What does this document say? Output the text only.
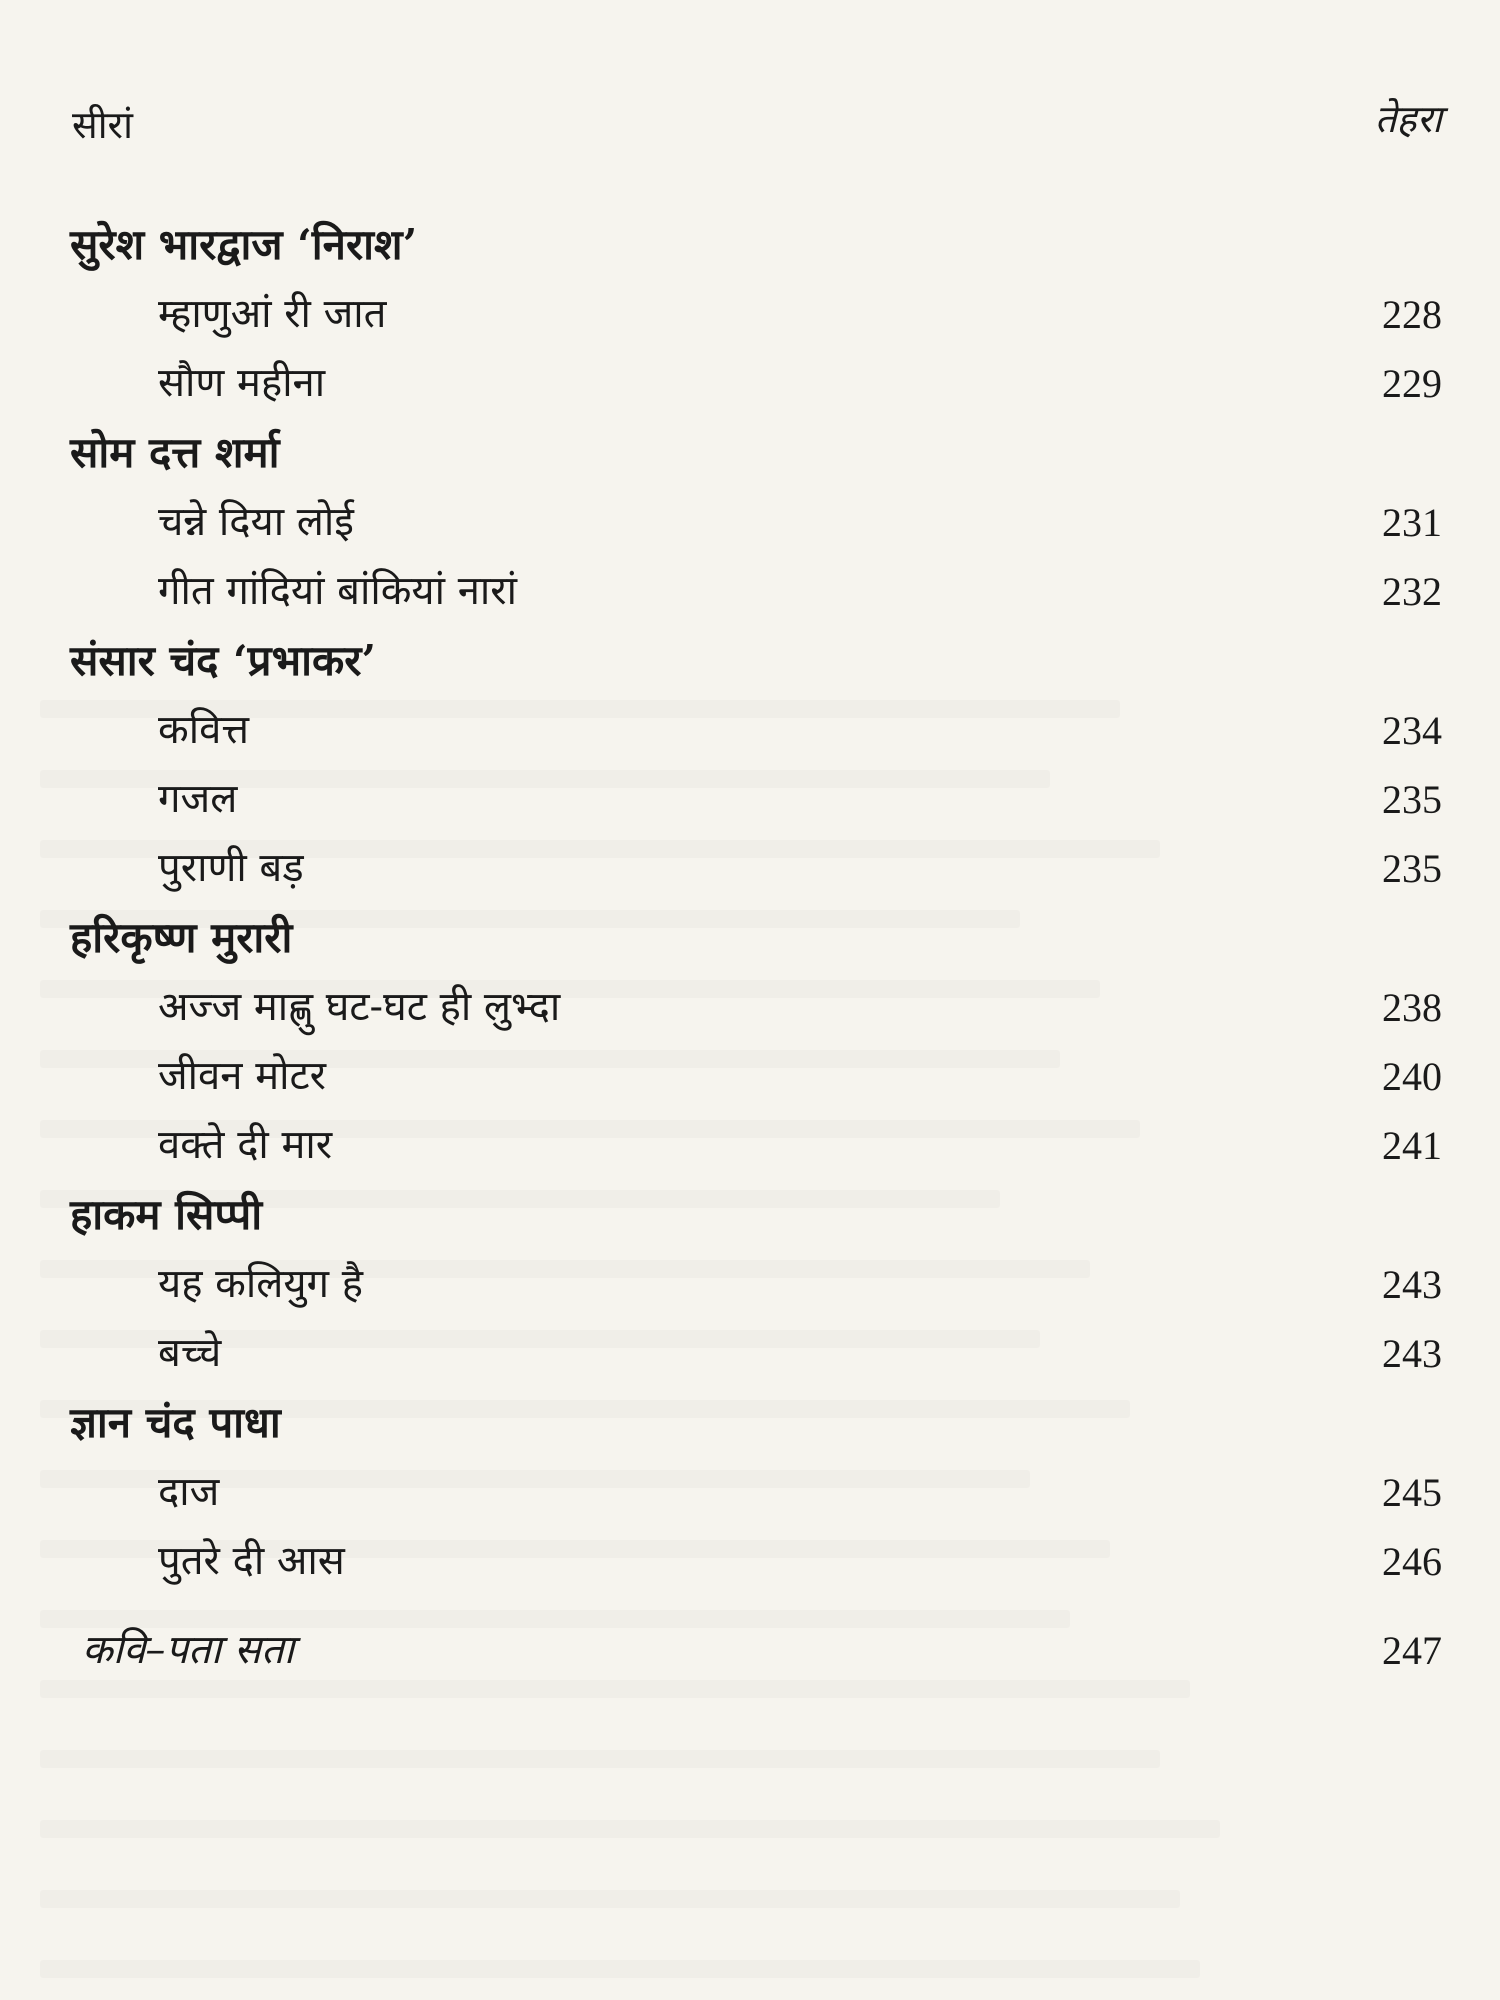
सीरां	तेहरा
सुरेश भारद्वाज ‘निराश’
म्हाणुआं री जात	228
सौण महीना	229
सोम दत्त शर्मा
चन्ने दिया लोई	231
गीत गांदियां बांकियां नारां	232
संसार चंद ‘प्रभाकर’
कवित्त	234
गजल	235
पुराणी बड़	235
हरिकृष्ण मुरारी
अज्ज माह्णु घट-घट ही लुभ्दा	238
जीवन मोटर	240
वक्ते दी मार	241
हाकम सिप्पी
यह कलियुग है	243
बच्चे	243
ज्ञान चंद पाधा
दाज	245
पुतरे दी आस	246
कवि–पता सता	247
